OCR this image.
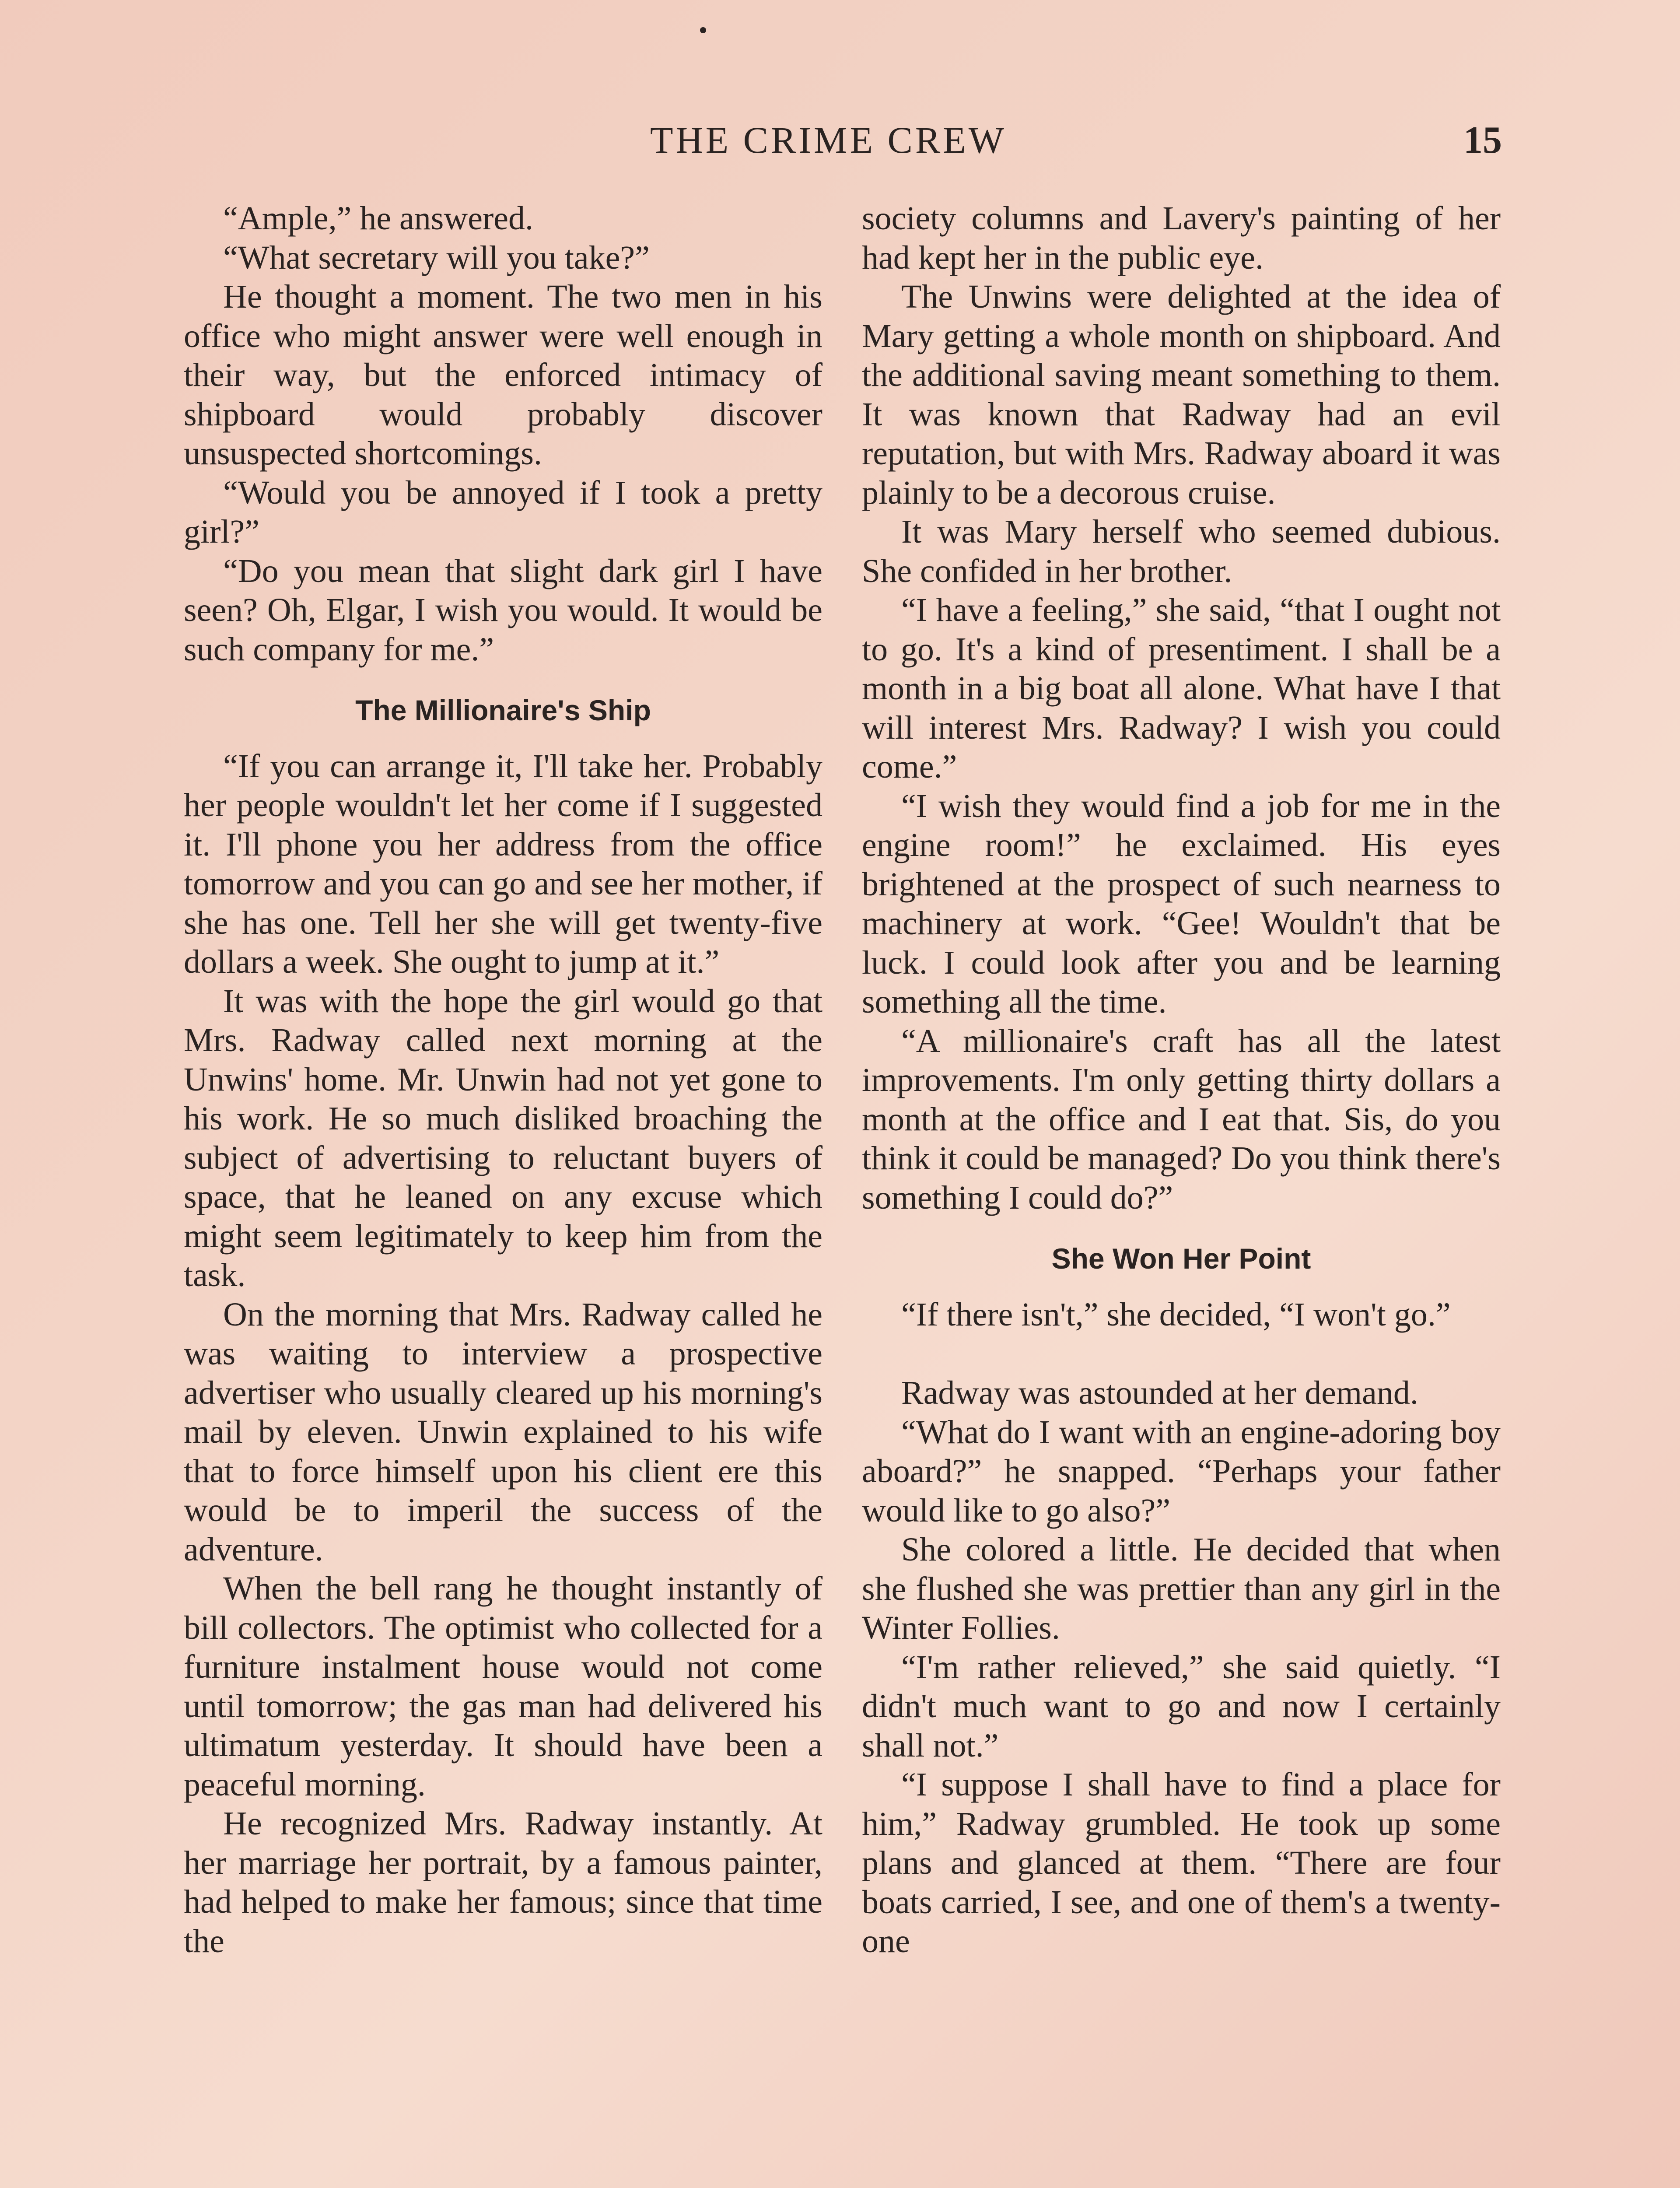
THE CRIME CREW	15

“Ample,” he answered.

“What secretary will you take?”

He thought a moment. The two men in his office who might answer were well enough in their way, but the enforced intimacy of shipboard would probably discover unsuspected shortcomings.

“Would you be annoyed if I took a pretty girl?”

“Do you mean that slight dark girl I have seen? Oh, Elgar, I wish you would. It would be such company for me.”

The Millionaire's Ship

“If you can arrange it, I'll take her. Probably her people wouldn't let her come if I suggested it. I'll phone you her address from the office tomorrow and you can go and see her mother, if she has one. Tell her she will get twenty-five dollars a week. She ought to jump at it.”

It was with the hope the girl would go that Mrs. Radway called next morning at the Unwins' home. Mr. Unwin had not yet gone to his work. He so much disliked broaching the subject of advertising to reluctant buyers of space, that he leaned on any excuse which might seem legitimately to keep him from the task.

On the morning that Mrs. Radway called he was waiting to interview a prospective advertiser who usually cleared up his morning's mail by eleven. Unwin explained to his wife that to force himself upon his client ere this would be to imperil the success of the adventure.

When the bell rang he thought instantly of bill collectors. The optimist who collected for a furniture instalment house would not come until tomorrow; the gas man had delivered his ultimatum yesterday. It should have been a peaceful morning.

He recognized Mrs. Radway instantly. At her marriage her portrait, by a famous painter, had helped to make her famous; since that time the

society columns and Lavery's painting of her had kept her in the public eye.

The Unwins were delighted at the idea of Mary getting a whole month on shipboard. And the additional saving meant something to them. It was known that Radway had an evil reputation, but with Mrs. Radway aboard it was plainly to be a decorous cruise.

It was Mary herself who seemed dubious. She confided in her brother.

“I have a feeling,” she said, “that I ought not to go. It's a kind of presentiment. I shall be a month in a big boat all alone. What have I that will interest Mrs. Radway? I wish you could come.”

“I wish they would find a job for me in the engine room!” he exclaimed. His eyes brightened at the prospect of such nearness to machinery at work. “Gee! Wouldn't that be luck. I could look after you and be learning something all the time.

“A millionaire's craft has all the latest improvements. I'm only getting thirty dollars a month at the office and I eat that. Sis, do you think it could be managed? Do you think there's something I could do?”

She Won Her Point

“If there isn't,” she decided, “I won't go.”

Radway was astounded at her demand.

“What do I want with an engine-adoring boy aboard?” he snapped. “Perhaps your father would like to go also?”

She colored a little. He decided that when she flushed she was prettier than any girl in the Winter Follies.

“I'm rather relieved,” she said quietly. “I didn't much want to go and now I certainly shall not.”

“I suppose I shall have to find a place for him,” Radway grumbled. He took up some plans and glanced at them. “There are four boats carried, I see, and one of them's a twenty-one
